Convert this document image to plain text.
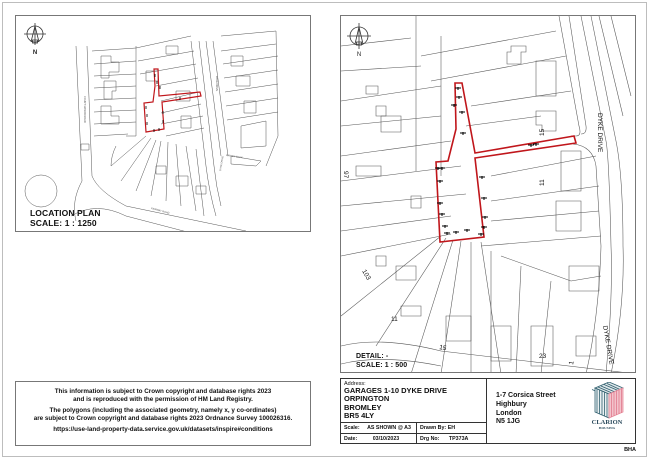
N
COURT MANOR ROAD
DYKE DRIVE
FAIRWAY ROAD
FIRNEY WALK
DYKE DRIVE
LOCATION PLAN
SCALE: 1 : 1250
N
DYKE DRIVE
DYKE DRIVE
15
11
97
103
11
15
23
1
DETAIL: -
SCALE: 1 : 500

This information is subject to Crown copyright and database rights 2023
and is reproduced with the permission of HM Land Registry.

The polygons (including the associated geometry, namely x, y co-ordinates)
are subject to Crown copyright and database rights 2023 Ordnance Survey 100026316.

https://use-land-property-data.service.gov.uk/datasets/inspire#conditions

Address:
GARAGES 1-10 DYKE DRIVE
ORPINGTON
BROMLEY
BR5 4LY
Scale: AS SHOWN @ A3	Drawn By: EH
Date:	03/10/2023	Drg No: TP373A
1-7 Corsica Street
Highbury
London
N5 1JG	CLARION
HOUSING
BHA
